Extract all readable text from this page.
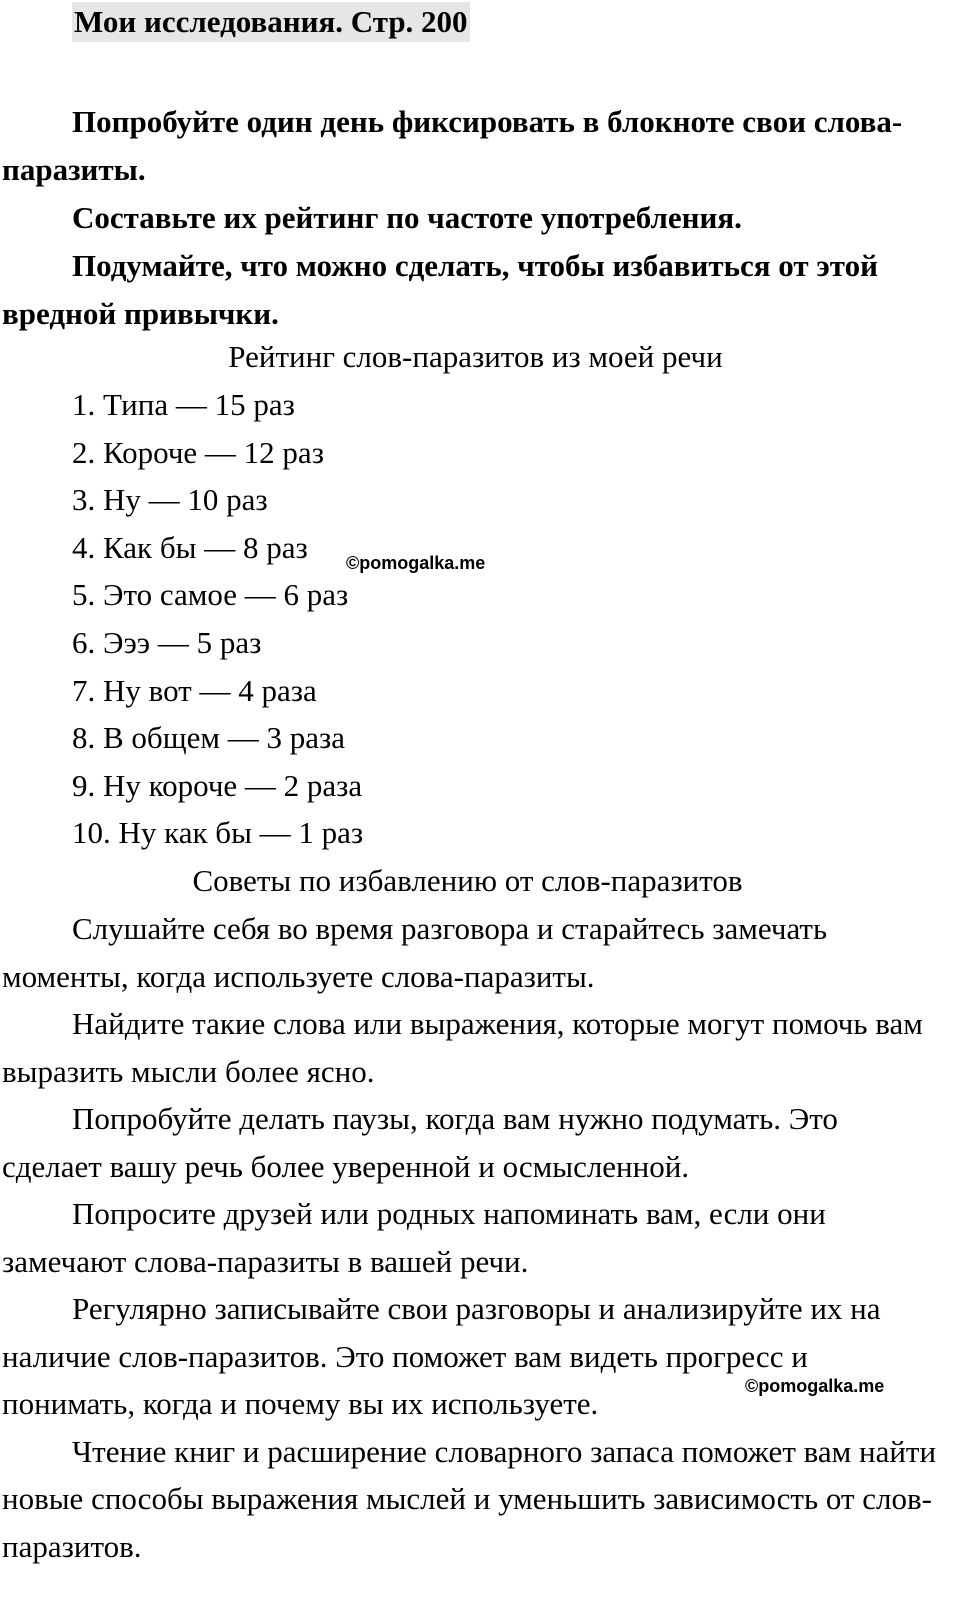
Мои исследования. Стр. 200

Попробуйте один день фиксировать в блокноте свои слова-паразиты.

Составьте их рейтинг по частоте употребления.

Подумайте, что можно сделать, чтобы избавиться от этой вредной привычки.

Рейтинг слов-паразитов из моей речи
1. Типа — 15 раз
2. Короче — 12 раз
3. Ну — 10 раз
4. Как бы — 8 раз
5. Это самое — 6 раз
6. Эээ — 5 раз
7. Ну вот — 4 раза
8. В общем — 3 раза
9. Ну короче — 2 раза
10. Ну как бы — 1 раз
Советы по избавлению от слов-паразитов

Слушайте себя во время разговора и старайтесь замечать моменты, когда используете слова-паразиты.

Найдите такие слова или выражения, которые могут помочь вам выразить мысли более ясно.

Попробуйте делать паузы, когда вам нужно подумать. Это сделает вашу речь более уверенной и осмысленной.

Попросите друзей или родных напоминать вам, если они замечают слова-паразиты в вашей речи.

Регулярно записывайте свои разговоры и анализируйте их на наличие слов-паразитов. Это поможет вам видеть прогресс и понимать, когда и почему вы их используете.

Чтение книг и расширение словарного запаса поможет вам найти новые способы выражения мыслей и уменьшить зависимость от слов-паразитов.

©pomogalka.me
©pomogalka.me
